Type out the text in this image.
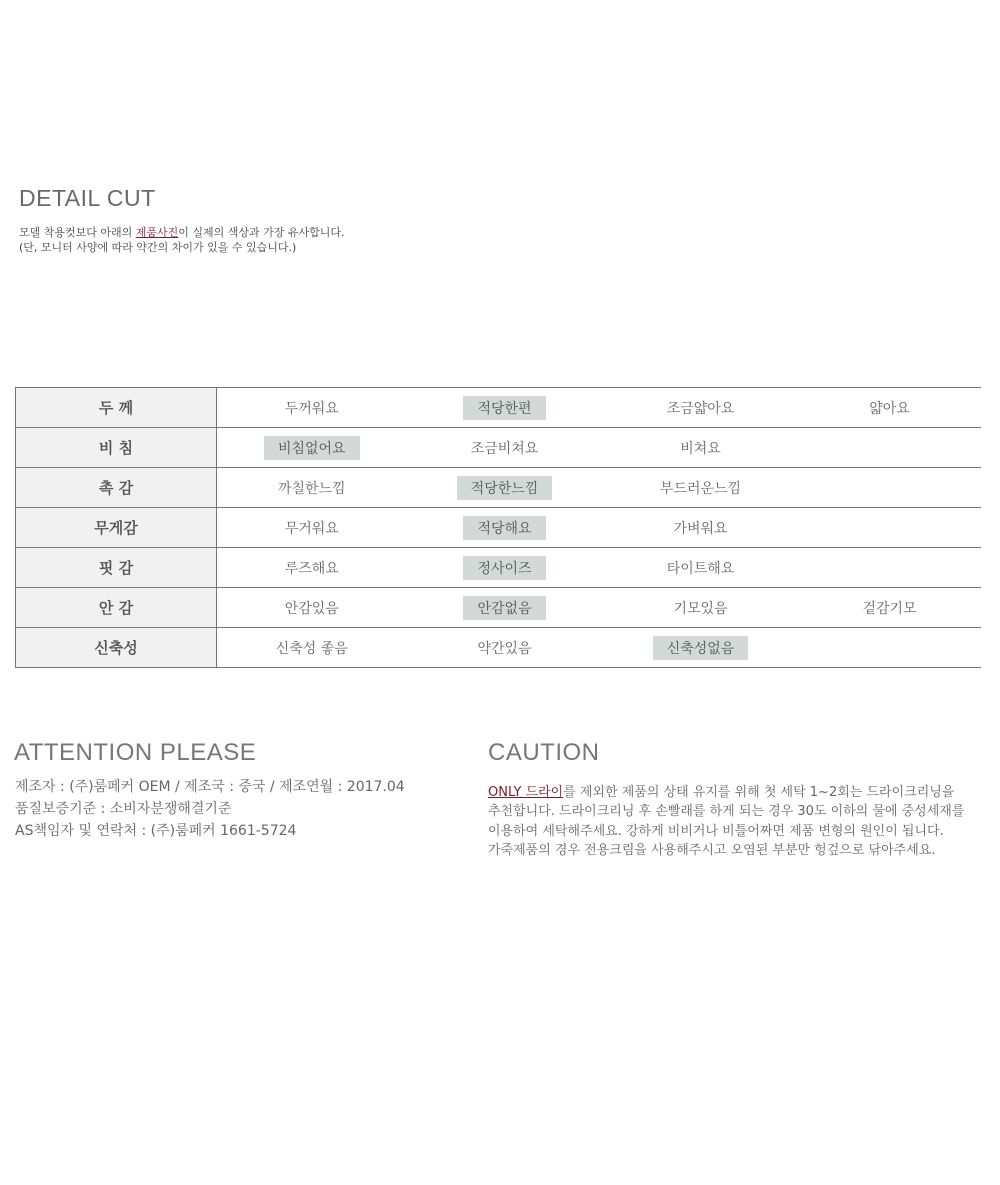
DETAIL CUT
모델 착용컷보다 아래의 제품사진이 실제의 색상과 가장 유사합니다.
(단, 모니터 사양에 따라 약간의 차이가 있을 수 있습니다.)
두 께	두꺼워요	적당한편	조금얇아요	얇아요
비 침	비침없어요	조금비쳐요	비쳐요	
촉 감	까칠한느낌	적당한느낌	부드러운느낌	
무게감	무거워요	적당해요	가벼워요	
핏 감	루즈해요	정사이즈	타이트해요	
안 감	안감있음	안감없음	기모있음	겉감기모
신축성	신축성 좋음	약간있음	신축성없음	
ATTENTION PLEASE
제조자 : (주)룸페커 OEM / 제조국 : 중국 / 제조연월 : 2017.04
품질보증기준 : 소비자분쟁해결기준
AS책임자 및 연락처 : (주)룸페커 1661-5724
CAUTION
ONLY 드라이를 제외한 제품의 상태 유지를 위해 첫 세탁 1~2회는 드라이크리닝을
추천합니다. 드라이크리닝 후 손빨래를 하게 되는 경우 30도 이하의 물에 중성세재를
이용하여 세탁해주세요. 강하게 비비거나 비틀어짜면 제품 변형의 원인이 됩니다.
가죽제품의 경우 전용크림을 사용해주시고 오염된 부분만 헝겊으로 닦아주세요.
